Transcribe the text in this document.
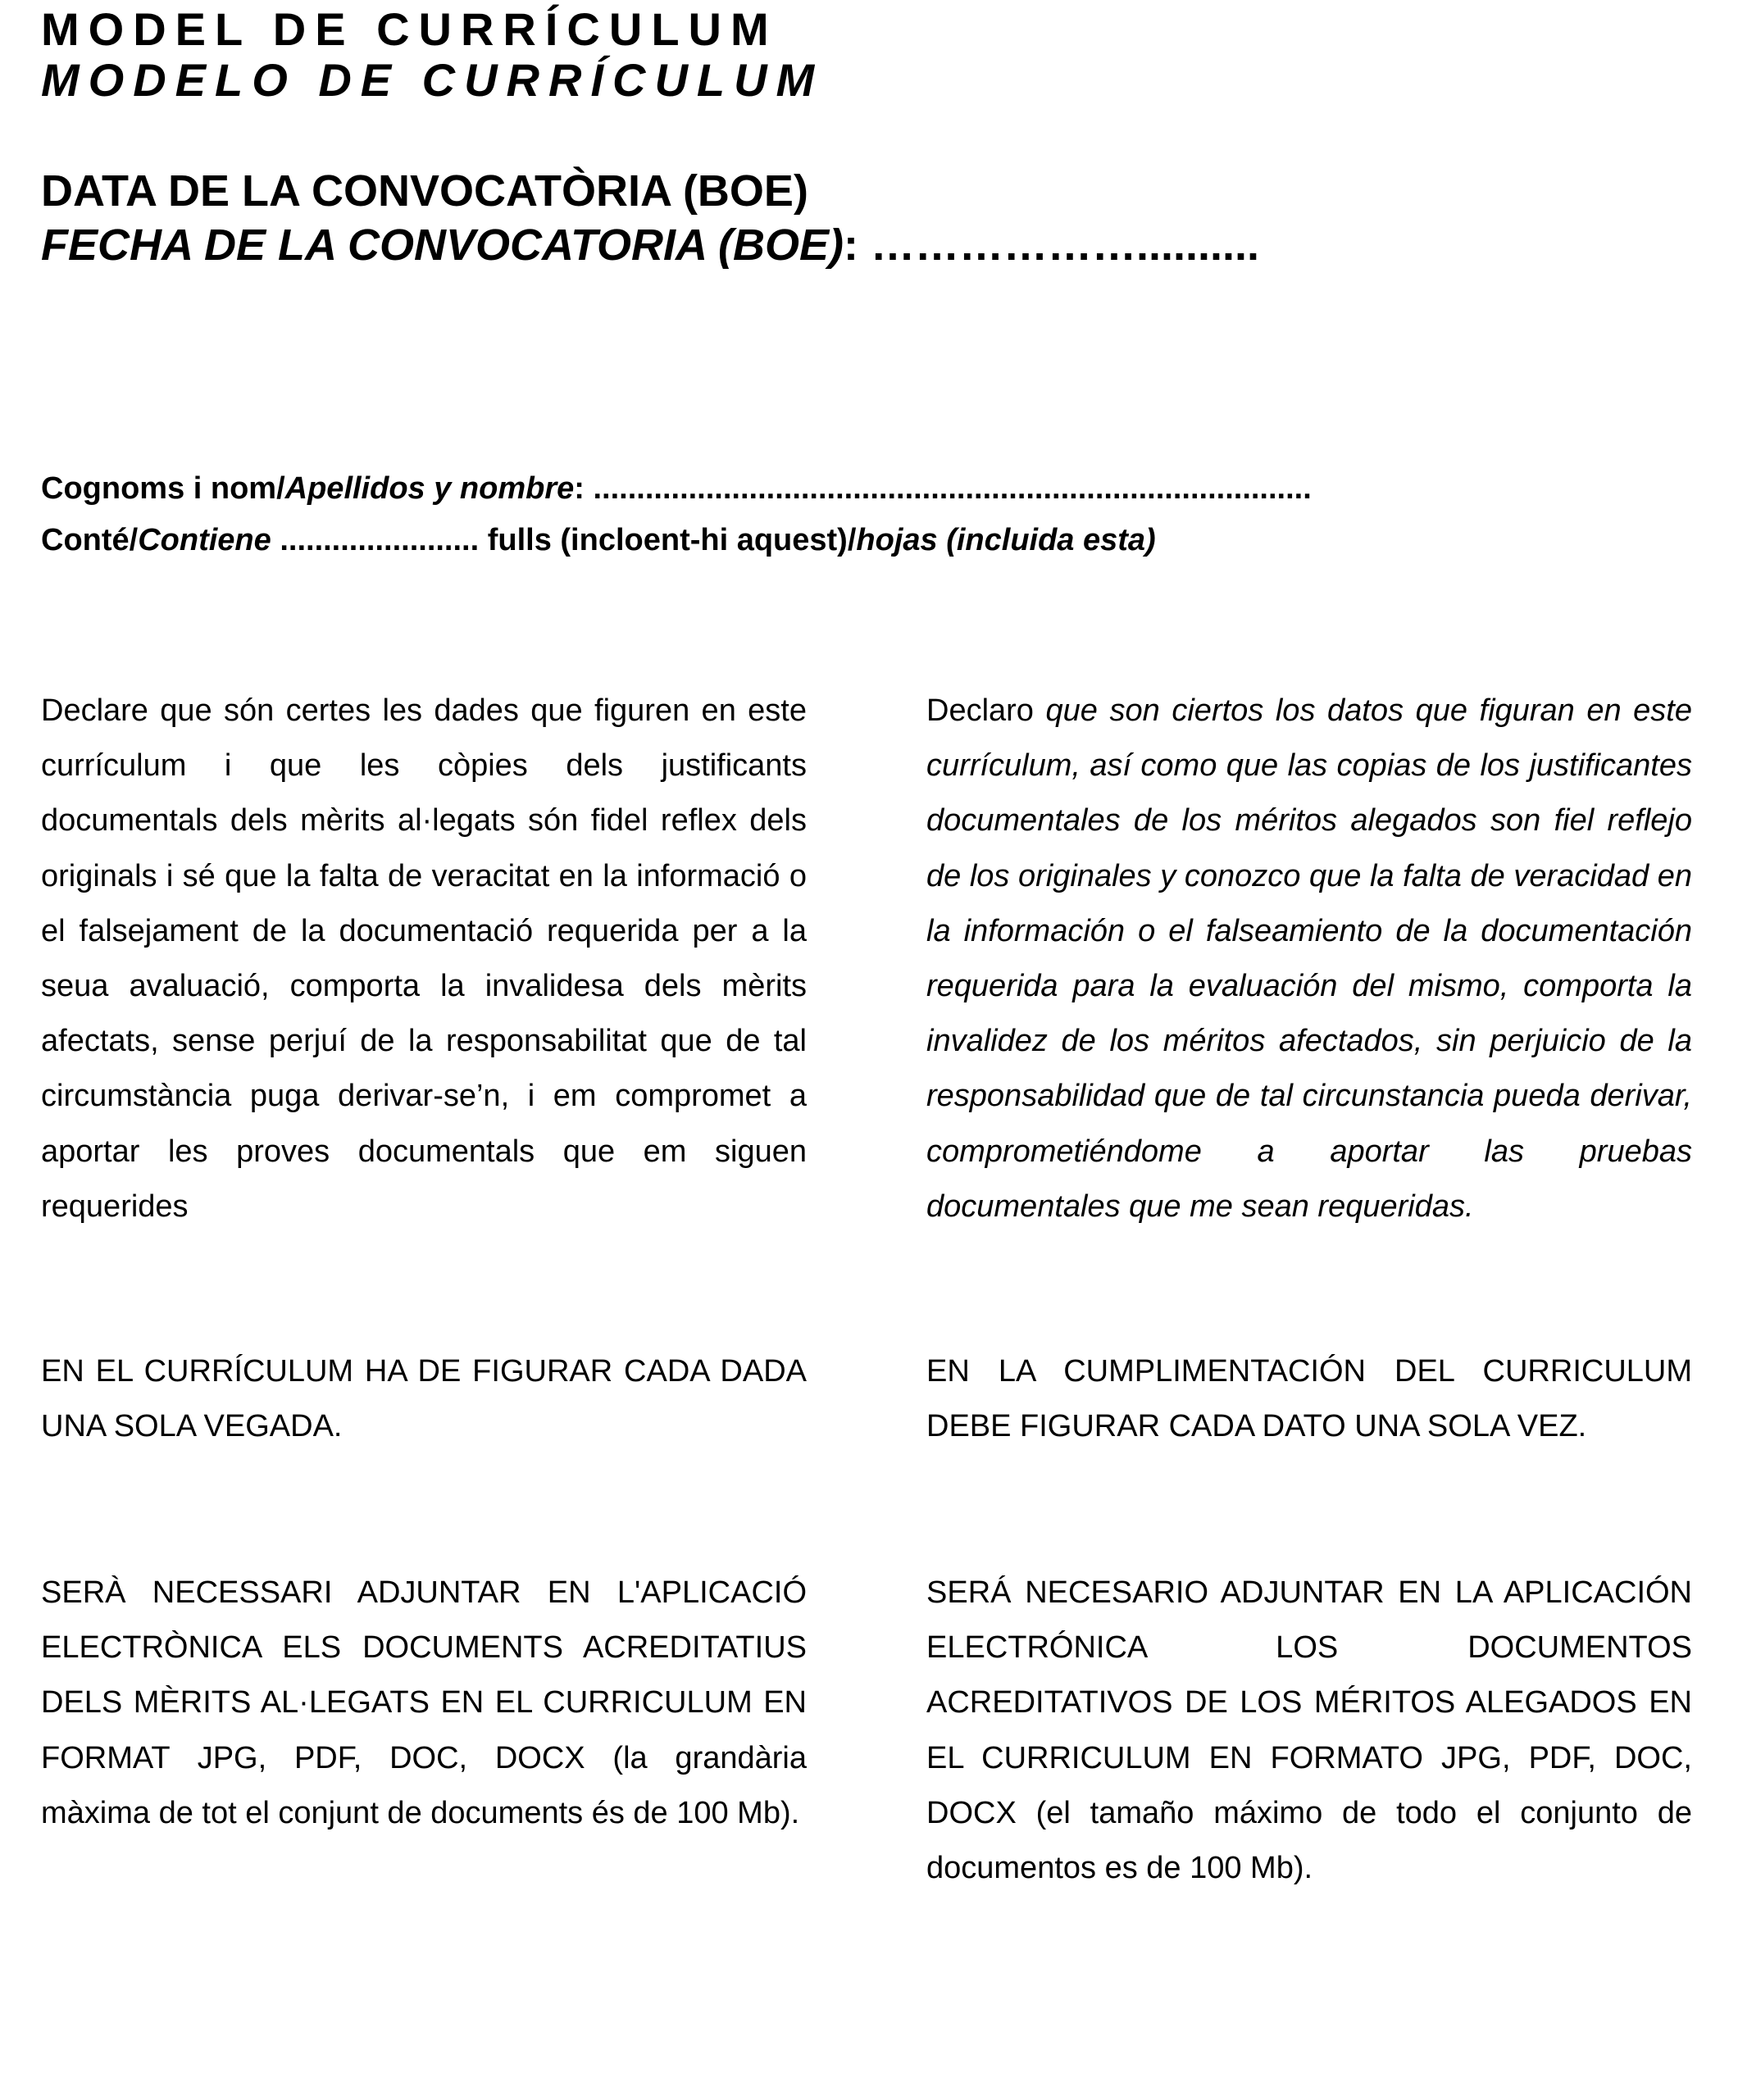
MODEL DE CURRÍCULUM
MODELO DE CURRÍCULUM
DATA DE LA CONVOCATÒRIA (BOE)
FECHA DE LA CONVOCATORIA (BOE): ………………..........
Cognoms i nom/Apellidos y nombre: ...................................................................................
Conté/Contiene ....................... fulls (incloent-hi aquest)/hojas (incluida esta)
Declare que són certes les dades que figuren en este currículum i que les còpies dels justificants documentals dels mèrits al·legats són fidel reflex dels originals i sé que la falta de veracitat en la informació o el falsejament de la documentació requerida per a la seua avaluació, comporta la invalidesa dels mèrits afectats, sense perjuí de la responsabilitat que de tal circumstància puga derivar-se’n, i em compromet a aportar les proves documentals que em siguen requerides
Declaro que son ciertos los datos que figuran en este currículum, así como que las copias de los justificantes documentales de los méritos alegados son fiel reflejo de los originales y conozco que la falta de veracidad en la información o el falseamiento de la documentación requerida para la evaluación del mismo, comporta la invalidez de los méritos afectados, sin perjuicio de la responsabilidad que de tal circunstancia pueda derivar, comprometiéndome a aportar las pruebas documentales que me sean requeridas.
EN EL CURRÍCULUM HA DE FIGURAR CADA DADA UNA SOLA VEGADA.
EN LA CUMPLIMENTACIÓN DEL CURRICULUM DEBE FIGURAR CADA DATO UNA SOLA VEZ.
SERÀ NECESSARI ADJUNTAR EN L'APLICACIÓ ELECTRÒNICA ELS DOCUMENTS ACREDITATIUS DELS MÈRITS AL·LEGATS EN EL CURRICULUM EN FORMAT JPG, PDF, DOC, DOCX (la grandària màxima de tot el conjunt de documents és de 100 Mb).
SERÁ NECESARIO ADJUNTAR EN LA APLICACIÓN ELECTRÓNICA LOS DOCUMENTOS ACREDITATIVOS DE LOS MÉRITOS ALEGADOS EN EL CURRICULUM EN FORMATO JPG, PDF, DOC, DOCX (el tamaño máximo de todo el conjunto de documentos es de 100 Mb).
